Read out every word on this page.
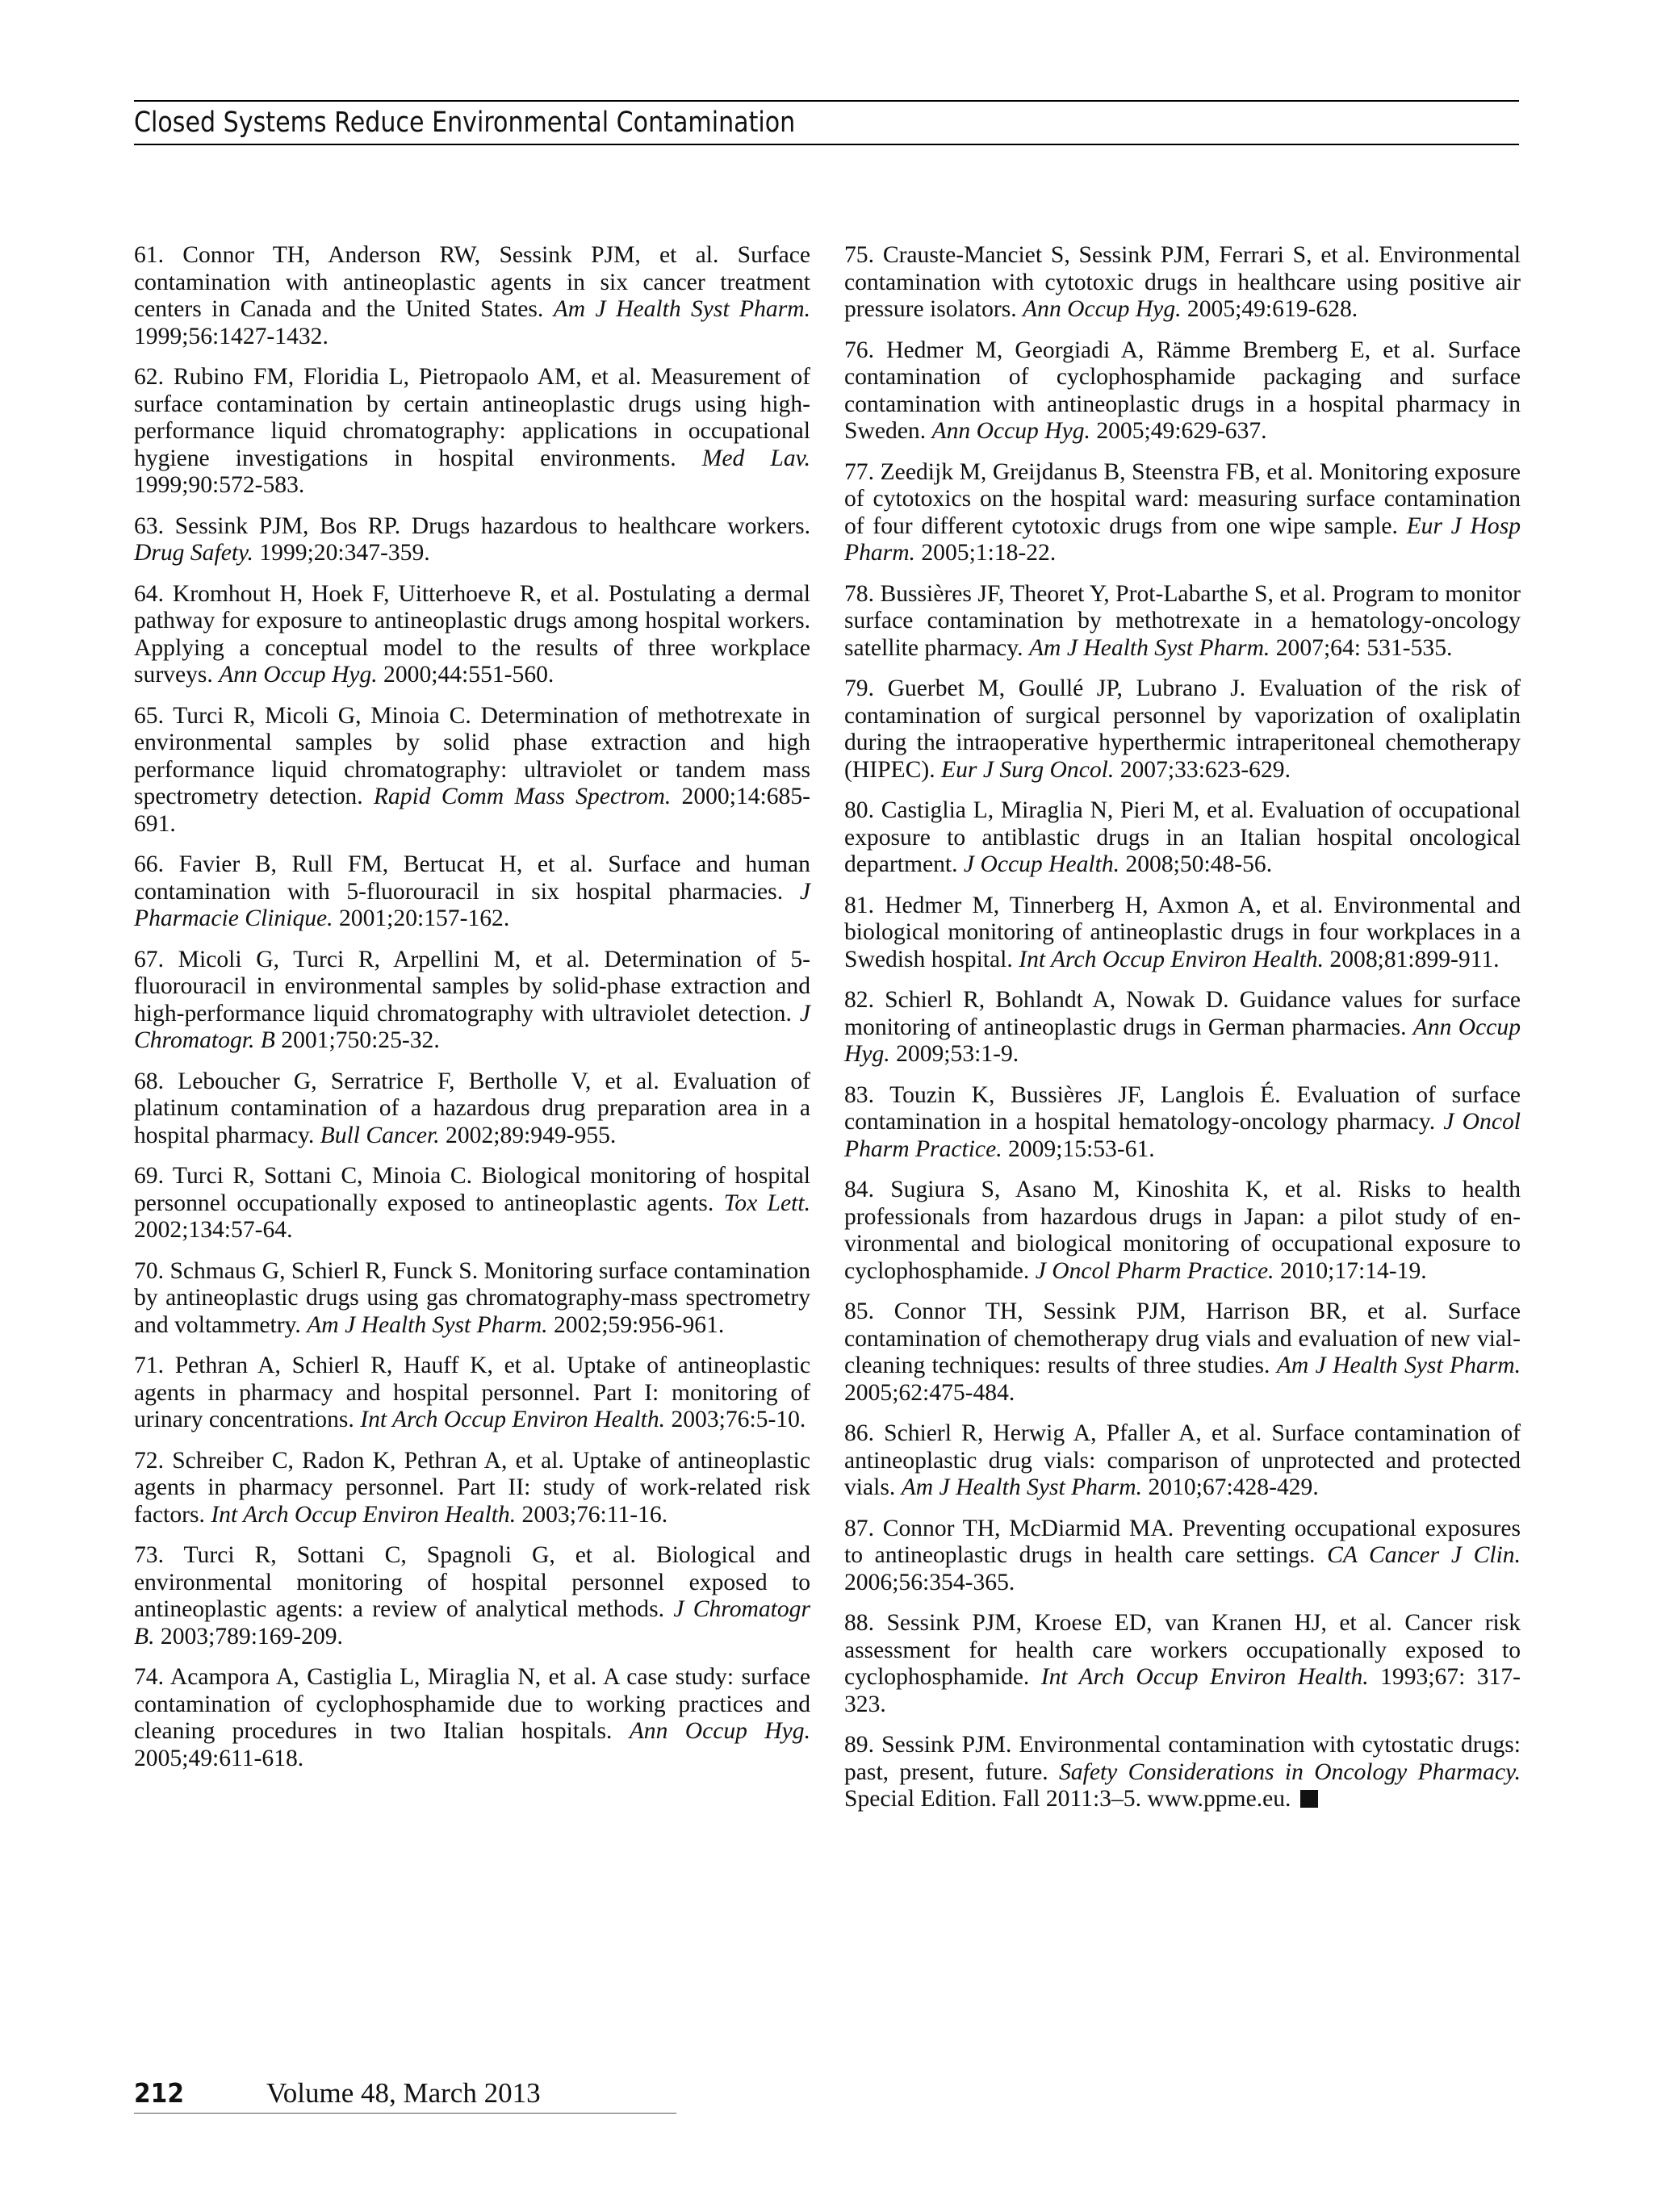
Closed Systems Reduce Environmental Contamination

61. Connor TH, Anderson RW, Sessink PJM, et al. Surface contamination with antineoplastic agents in six cancer treatment centers in Canada and the United States. Am J Health Syst Pharm. 1999;56:1427-1432.

62. Rubino FM, Floridia L, Pietropaolo AM, et al. Measurement of surface contamination by certain antineoplastic drugs using high-performance liquid chromatography: applications in occupational hygiene investigations in hospital environments. Med Lav. 1999;90:572-583.

63. Sessink PJM, Bos RP. Drugs hazardous to healthcare workers. Drug Safety. 1999;20:347-359.

64. Kromhout H, Hoek F, Uitterhoeve R, et al. Postulating a dermal pathway for exposure to antineoplastic drugs among hospital workers. Applying a conceptual model to the results of three workplace surveys. Ann Occup Hyg. 2000;44:551-560.

65. Turci R, Micoli G, Minoia C. Determination of methotrexate in environmental samples by solid phase extraction and high performance liquid chromatography: ultraviolet or tandem mass spectrometry detection. Rapid Comm Mass Spectrom. 2000;14:685-691.

66. Favier B, Rull FM, Bertucat H, et al. Surface and human contamination with 5-fluorouracil in six hospital pharmacies. J Pharmacie Clinique. 2001;20:157-162.

67. Micoli G, Turci R, Arpellini M, et al. Determination of 5-fluorouracil in environmental samples by solid-phase extraction and high-performance liquid chromatography with ultraviolet detection. J Chromatogr. B 2001;750:25-32.

68. Leboucher G, Serratrice F, Bertholle V, et al. Evaluation of platinum contamination of a hazardous drug preparation area in a hospital pharmacy. Bull Cancer. 2002;89:949-955.

69. Turci R, Sottani C, Minoia C. Biological monitoring of hospital personnel occupationally exposed to antineoplastic agents. Tox Lett. 2002;134:57-64.

70. Schmaus G, Schierl R, Funck S. Monitoring surface contamination by antineoplastic drugs using gas chromatography-mass spectrometry and voltammetry. Am J Health Syst Pharm. 2002;59:956-961.

71. Pethran A, Schierl R, Hauff K, et al. Uptake of antineoplastic agents in pharmacy and hospital personnel. Part I: monitoring of urinary concentrations. Int Arch Occup Environ Health. 2003;76:5-10.

72. Schreiber C, Radon K, Pethran A, et al. Uptake of antineoplastic agents in pharmacy personnel. Part II: study of work-related risk factors. Int Arch Occup Environ Health. 2003;76:11-16.

73. Turci R, Sottani C, Spagnoli G, et al. Biological and environmental monitoring of hospital personnel exposed to antineoplastic agents: a review of analytical methods. J Chromatogr B. 2003;789:169-209.

74. Acampora A, Castiglia L, Miraglia N, et al. A case study: surface contamination of cyclophosphamide due to working practices and cleaning procedures in two Italian hospitals. Ann Occup Hyg. 2005;49:611-618.

75. Crauste-Manciet S, Sessink PJM, Ferrari S, et al. Environmental contamination with cytotoxic drugs in healthcare using positive air pressure isolators. Ann Occup Hyg. 2005;49:619-628.

76. Hedmer M, Georgiadi A, Rämme Bremberg E, et al. Surface contamination of cyclophosphamide packaging and surface contamination with antineoplastic drugs in a hospital pharmacy in Sweden. Ann Occup Hyg. 2005;49:629-637.

77. Zeedijk M, Greijdanus B, Steenstra FB, et al. Monitoring exposure of cytotoxics on the hospital ward: measuring surface contamination of four different cytotoxic drugs from one wipe sample. Eur J Hosp Pharm. 2005;1:18-22.

78. Bussières JF, Theoret Y, Prot-Labarthe S, et al. Program to monitor surface contamination by methotrexate in a hematology-oncology satellite pharmacy. Am J Health Syst Pharm. 2007;64: 531-535.

79. Guerbet M, Goullé JP, Lubrano J. Evaluation of the risk of contamination of surgical personnel by vaporization of oxaliplatin during the intraoperative hyperthermic intraperitoneal chemotherapy (HIPEC). Eur J Surg Oncol. 2007;33:623-629.

80. Castiglia L, Miraglia N, Pieri M, et al. Evaluation of occupational exposure to antiblastic drugs in an Italian hospital oncological department. J Occup Health. 2008;50:48-56.

81. Hedmer M, Tinnerberg H, Axmon A, et al. Environmental and biological monitoring of antineoplastic drugs in four workplaces in a Swedish hospital. Int Arch Occup Environ Health. 2008;81:899-911.

82. Schierl R, Bohlandt A, Nowak D. Guidance values for surface monitoring of antineoplastic drugs in German pharmacies. Ann Occup Hyg. 2009;53:1-9.

83. Touzin K, Bussières JF, Langlois É. Evaluation of surface contamination in a hospital hematology-oncology pharmacy. J Oncol Pharm Practice. 2009;15:53-61.

84. Sugiura S, Asano M, Kinoshita K, et al. Risks to health professionals from hazardous drugs in Japan: a pilot study of environmental and biological monitoring of occupational exposure to cyclophosphamide. J Oncol Pharm Practice. 2010;17:14-19.

85. Connor TH, Sessink PJM, Harrison BR, et al. Surface contamination of chemotherapy drug vials and evaluation of new vial-cleaning techniques: results of three studies. Am J Health Syst Pharm. 2005;62:475-484.

86. Schierl R, Herwig A, Pfaller A, et al. Surface contamination of antineoplastic drug vials: comparison of unprotected and protected vials. Am J Health Syst Pharm. 2010;67:428-429.

87. Connor TH, McDiarmid MA. Preventing occupational exposures to antineoplastic drugs in health care settings. CA Cancer J Clin. 2006;56:354-365.

88. Sessink PJM, Kroese ED, van Kranen HJ, et al. Cancer risk assessment for health care workers occupationally exposed to cyclophosphamide. Int Arch Occup Environ Health. 1993;67: 317-323.

89. Sessink PJM. Environmental contamination with cytostatic drugs: past, present, future. Safety Considerations in Oncology Pharmacy. Special Edition. Fall 2011:3–5. www.ppme.eu.

212	Volume 48, March 2013
